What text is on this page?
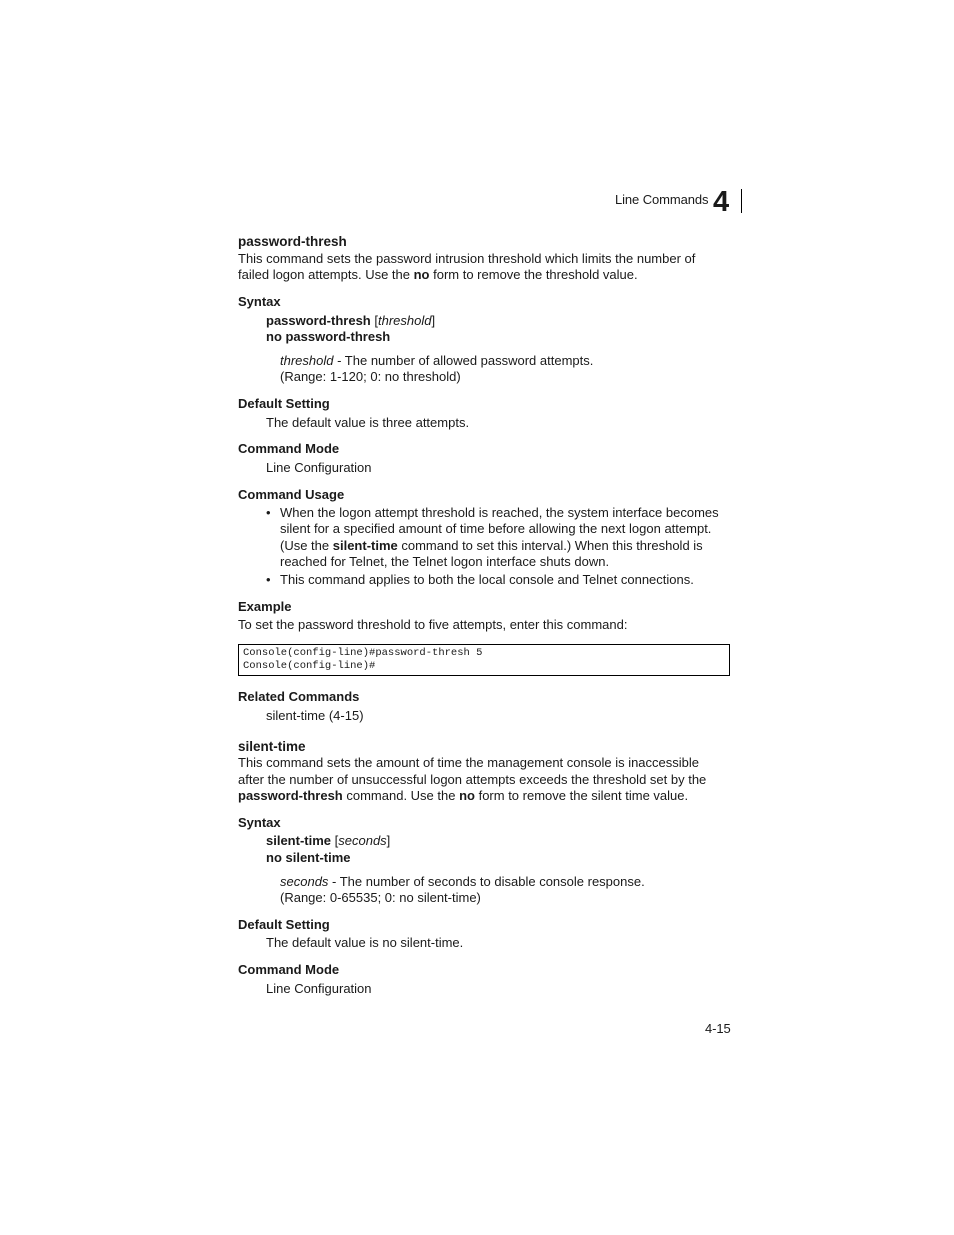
Line Commands 4
password-thresh
This command sets the password intrusion threshold which limits the number of
failed logon attempts. Use the no form to remove the threshold value.
Syntax
password-thresh [threshold]
no password-thresh
threshold - The number of allowed password attempts.
(Range: 1-120; 0: no threshold)
Default Setting
The default value is three attempts.
Command Mode
Line Configuration
Command Usage
• When the logon attempt threshold is reached, the system interface becomes
silent for a specified amount of time before allowing the next logon attempt.
(Use the silent-time command to set this interval.) When this threshold is
reached for Telnet, the Telnet logon interface shuts down.
• This command applies to both the local console and Telnet connections.
Example
To set the password threshold to five attempts, enter this command:
Console(config-line)#password-thresh 5
Console(config-line)#
Related Commands
silent-time (4-15)
silent-time
This command sets the amount of time the management console is inaccessible
after the number of unsuccessful logon attempts exceeds the threshold set by the
password-thresh command. Use the no form to remove the silent time value.
Syntax
silent-time [seconds]
no silent-time
seconds - The number of seconds to disable console response.
(Range: 0-65535; 0: no silent-time)
Default Setting
The default value is no silent-time.
Command Mode
Line Configuration
4-15
